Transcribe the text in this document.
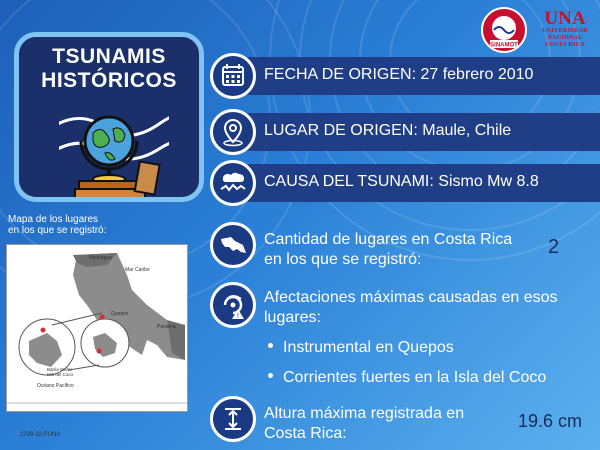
TSUNAMIS
HISTÓRICOS
SINAMOT
UNA
UNIVERSIDAD
NACIONAL
COSTA RICA
FECHA DE ORIGEN: 27 febrero 2010
LUGAR DE ORIGEN: Maule, Chile
CAUSA DEL TSUNAMI: Sismo Mw 8.8
Mapa de los lugares
en los que se registró:
Mar Caribe
Nicaragua
Panamá
Quepos
Bahía Wafer
Isla del Coco
Océano Pacífico
2709-22-FUNA
Cantidad de lugares en Costa Rica
en los que se registró:
2
!
Afectaciones máximas causadas en esos
lugares:
Instrumental en Quepos
Corrientes fuertes en la Isla del Coco
Altura máxima registrada en
Costa Rica:
19.6 cm
